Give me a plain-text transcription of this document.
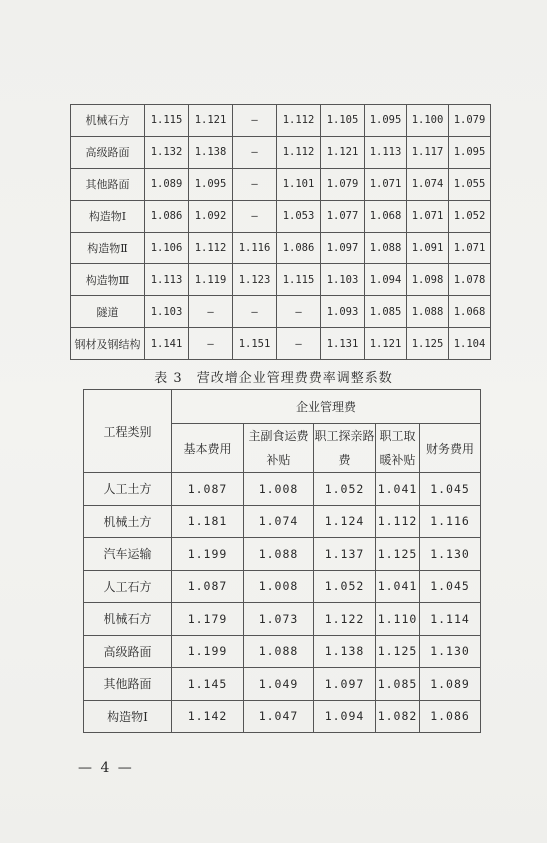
机械石方	1.115	1.121	–	1.112	1.105	1.095	1.100	1.079
高级路面	1.132	1.138	–	1.112	1.121	1.113	1.117	1.095
其他路面	1.089	1.095	–	1.101	1.079	1.071	1.074	1.055
构造物Ⅰ	1.086	1.092	–	1.053	1.077	1.068	1.071	1.052
构造物Ⅱ	1.106	1.112	1.116	1.086	1.097	1.088	1.091	1.071
构造物Ⅲ	1.113	1.119	1.123	1.115	1.103	1.094	1.098	1.078
隧道	1.103	–	–	–	1.093	1.085	1.088	1.068
钢材及钢结构	1.141	–	1.151	–	1.131	1.121	1.125	1.104
表 3　营改增企业管理费费率调整系数
工程类别	企业管理费				
	基本费用	主副食运费补贴	职工探亲路费	职工取暖补贴	财务费用

人工土方	1.087	1.008	1.052	1.041	1.045
机械土方	1.181	1.074	1.124	1.112	1.116
汽车运输	1.199	1.088	1.137	1.125	1.130
人工石方	1.087	1.008	1.052	1.041	1.045
机械石方	1.179	1.073	1.122	1.110	1.114
高级路面	1.199	1.088	1.138	1.125	1.130
其他路面	1.145	1.049	1.097	1.085	1.089
构造物Ⅰ	1.142	1.047	1.094	1.082	1.086
— 4 —
